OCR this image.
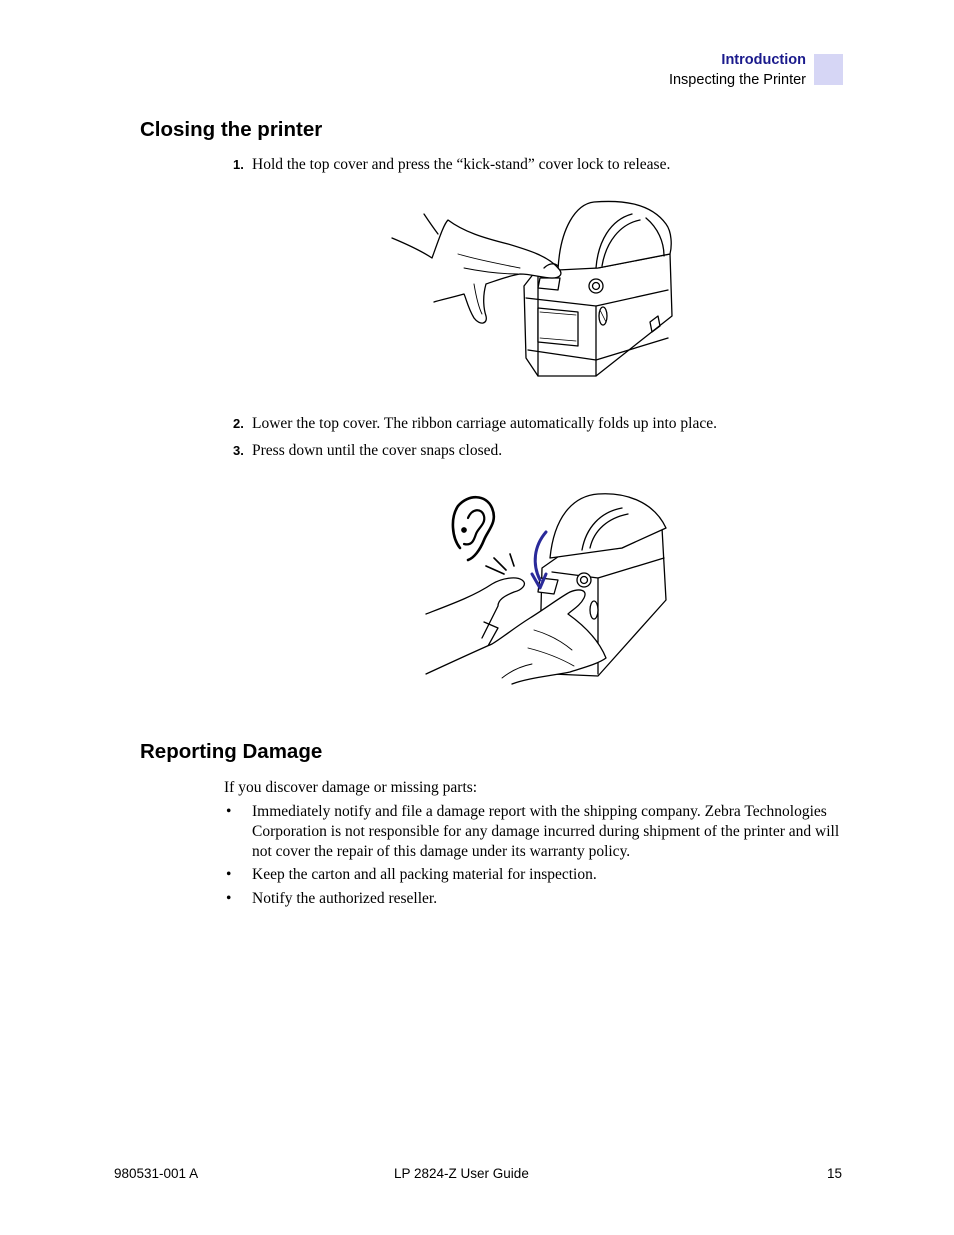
Introduction
Inspecting the Printer
Closing the printer
1. Hold the top cover and press the “kick-stand” cover lock to release.
2. Lower the top cover. The ribbon carriage automatically folds up into place.
3. Press down until the cover snaps closed.
Reporting Damage
If you discover damage or missing parts:
• Immediately notify and file a damage report with the shipping company. Zebra Technologies Corporation is not responsible for any damage incurred during shipment of the printer and will not cover the repair of this damage under its warranty policy.
• Keep the carton and all packing material for inspection.
• Notify the authorized reseller.
980531-001 A	LP 2824-Z User Guide	15
